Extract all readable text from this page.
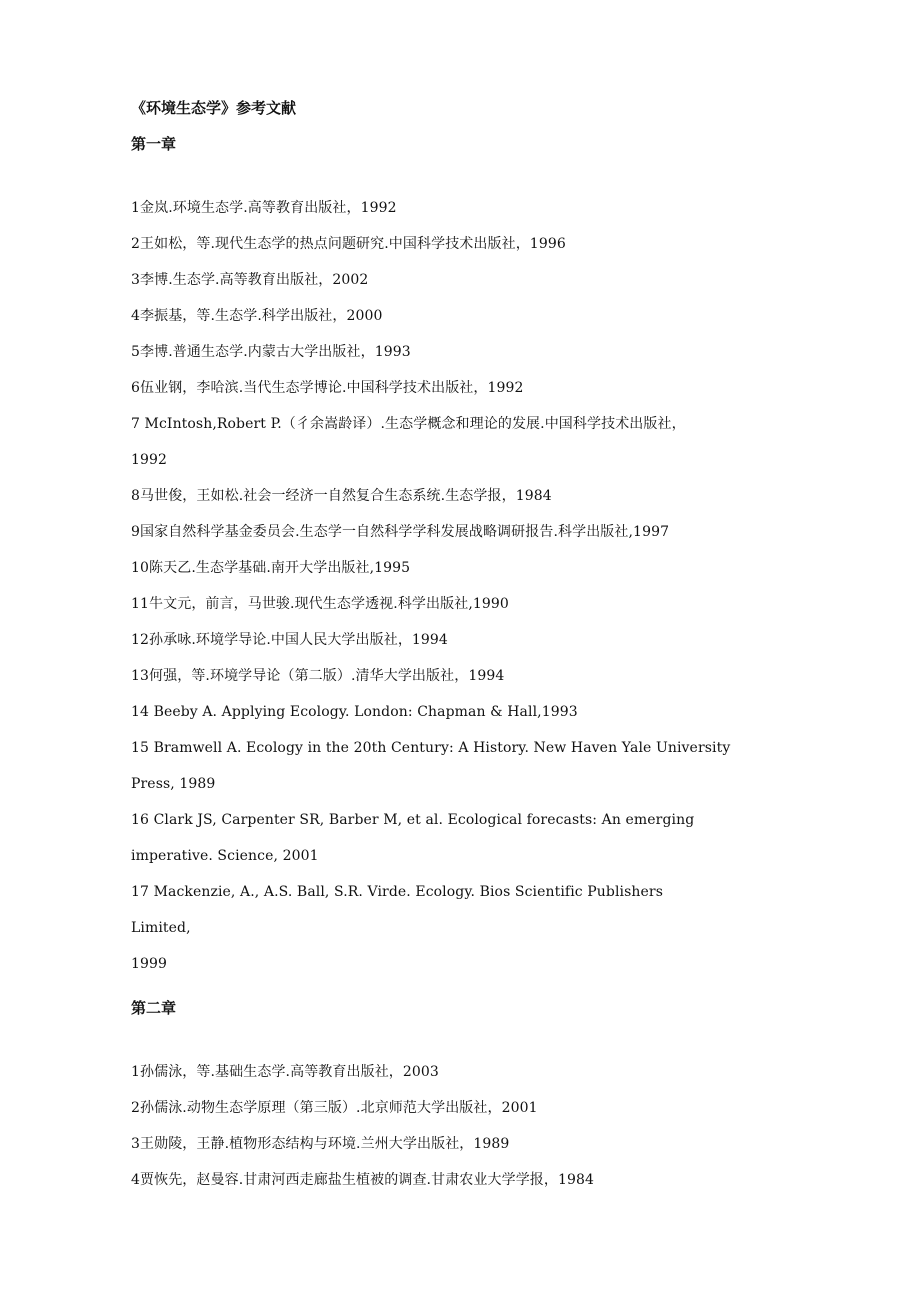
《环境生态学》参考文献
第一章
1金岚.环境生态学.高等教育出版社，1992
2王如松，等.现代生态学的热点问题研究.中国科学技术出版社，1996
3李博.生态学.高等教育出版社，2002
4李振基，等.生态学.科学出版社，2000
5李博.普通生态学.内蒙古大学出版社，1993
6伍业钢，李哈滨.当代生态学博论.中国科学技术出版社，1992
7 McIntosh,Robert P.（彳余嵩龄译）.生态学概念和理论的发展.中国科学技术出版社，
1992
8马世俊，王如松.社会一经济一自然复合生态系统.生态学报，1984
9国家自然科学基金委员会.生态学一自然科学学科发展战略调研报告.科学出版社,1997
10陈天乙.生态学基础.南开大学出版社,1995
11牛文元，前言，马世骏.现代生态学透视.科学出版社,1990
12孙承咏.环境学导论.中国人民大学出版社，1994
13何强，等.环境学导论（第二版）.清华大学出版社，1994
14 Beeby A. Applying Ecology. London: Chapman & Hall,1993
15 Bramwell A. Ecology in the 20th Century: A History. New Haven Yale University
Press, 1989
16 Clark JS, Carpenter SR, Barber M, et al. Ecological forecasts: An emerging
imperative. Science, 2001
17 Mackenzie, A., A.S. Ball, S.R. Virde. Ecology. Bios Scientific Publishers
Limited,
1999
第二章
1孙儒泳，等.基础生态学.高等教育出版社，2003
2孙儒泳.动物生态学原理（第三版）.北京师范大学出版社，2001
3王勋陵，王静.植物形态结构与环境.兰州大学出版社，1989
4贾恢先，赵曼容.甘肃河西走廊盐生植被的调查.甘肃农业大学学报，1984
